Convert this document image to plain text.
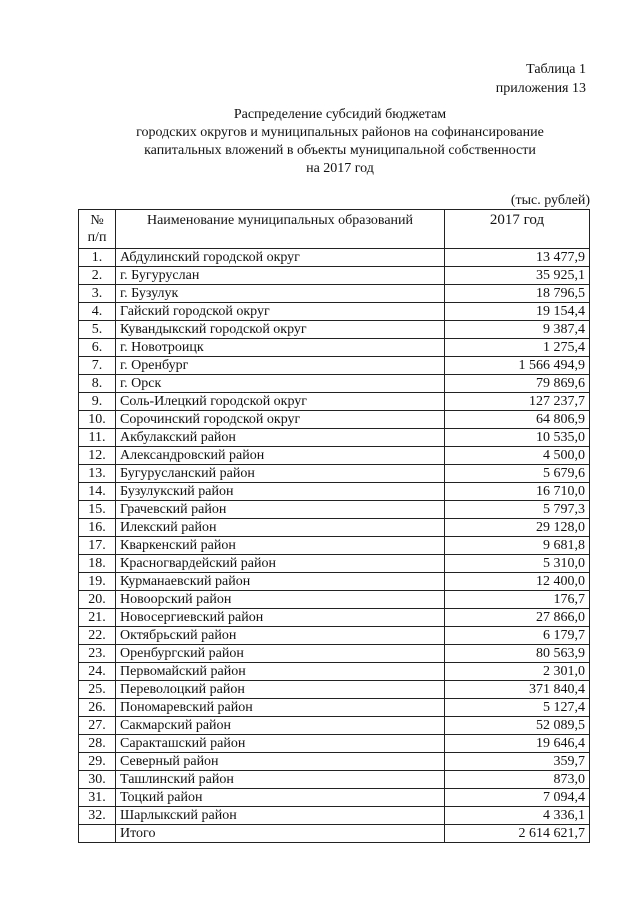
Таблица 1
приложения 13
Распределение субсидий бюджетам
городских округов и муниципальных районов на софинансирование
капитальных вложений в объекты муниципальной собственности
на 2017 год
(тыс. рублей)
№
п/п	Наименование муниципальных образований	2017 год
1.	Абдулинский городской округ	13 477,9
2.	г. Бугуруслан	35 925,1
3.	г. Бузулук	18 796,5
4.	Гайский городской округ	19 154,4
5.	Кувандыкский городской округ	9 387,4
6.	г. Новотроицк	1 275,4
7.	г. Оренбург	1 566 494,9
8.	г. Орск	79 869,6
9.	Соль-Илецкий городской округ	127 237,7
10.	Сорочинский городской округ	64 806,9
11.	Акбулакский район	10 535,0
12.	Александровский район	4 500,0
13.	Бугурусланский район	5 679,6
14.	Бузулукский район	16 710,0
15.	Грачевский район	5 797,3
16.	Илекский район	29 128,0
17.	Кваркенский район	9 681,8
18.	Красногвардейский район	5 310,0
19.	Курманаевский район	12 400,0
20.	Новоорский район	176,7
21.	Новосергиевский район	27 866,0
22.	Октябрьский район	6 179,7
23.	Оренбургский район	80 563,9
24.	Первомайский район	2 301,0
25.	Переволоцкий район	371 840,4
26.	Пономаревский район	5 127,4
27.	Сакмарский район	52 089,5
28.	Саракташский район	19 646,4
29.	Северный район	359,7
30.	Ташлинский район	873,0
31.	Тоцкий район	7 094,4
32.	Шарлыкский район	4 336,1
	Итого	2 614 621,7
